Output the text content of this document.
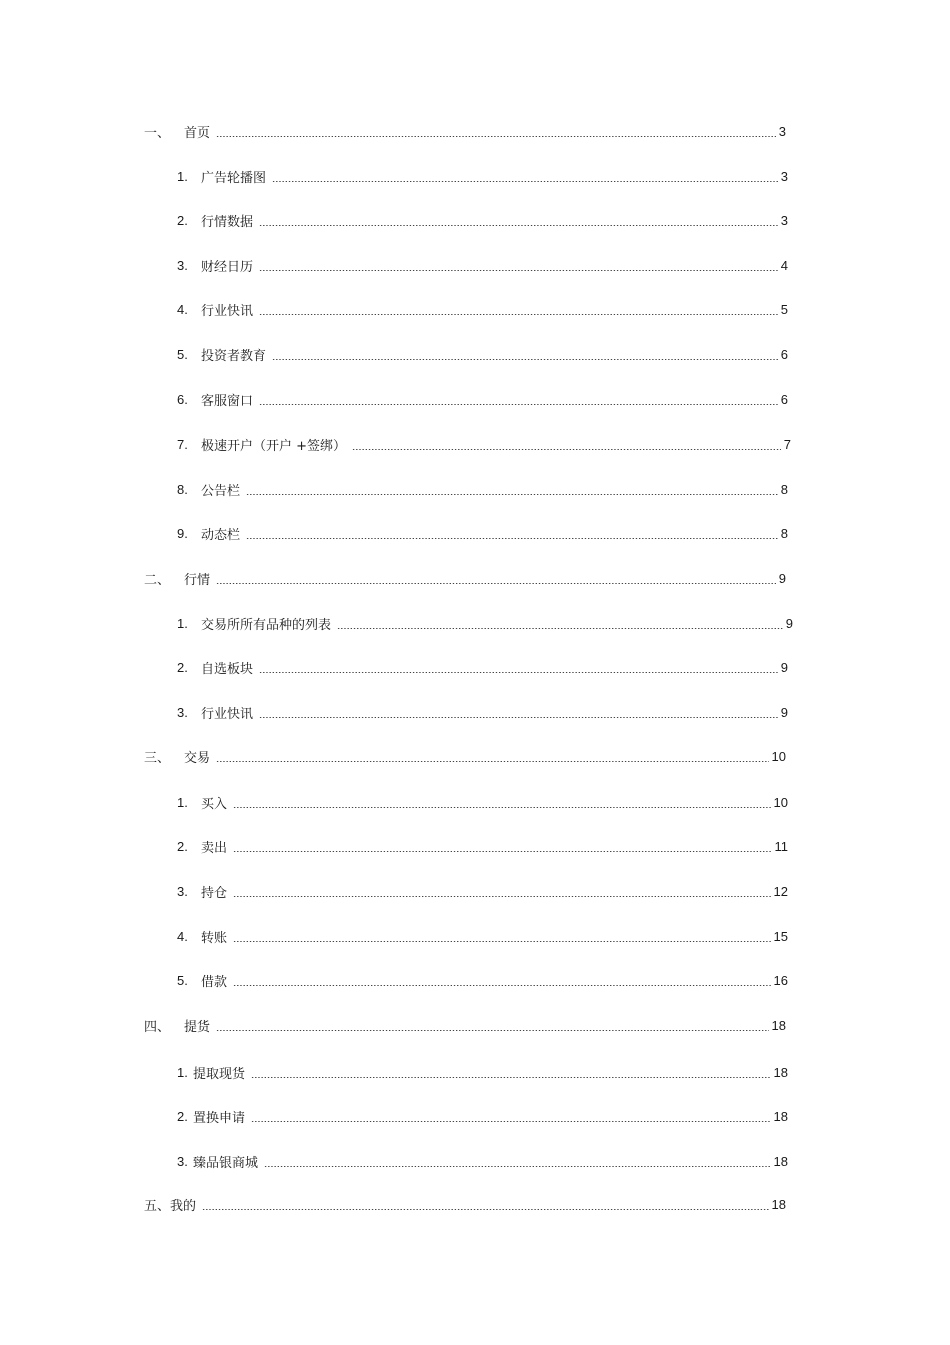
一、	首页	3
1.	广告轮播图	3
2.	行情数据	3
3.	财经日历	4
4.	行业快讯	5
5.	投资者教育	6
6.	客服窗口	6
7.	极速开户（开户 +签绑）	7
8.	公告栏	8
9.	动态栏	8
二、	行情	9
1.	交易所所有品种的列表	9
2.	自选板块	9
3.	行业快讯	9
三、	交易	10
1.	买入	10
2.	卖出	11
3.	持仓	12
4.	转账	15
5.	借款	16
四、	提货	18
1. 提取现货	18
2. 置换申请	18
3. 臻品银商城	18
五、 我的	18
